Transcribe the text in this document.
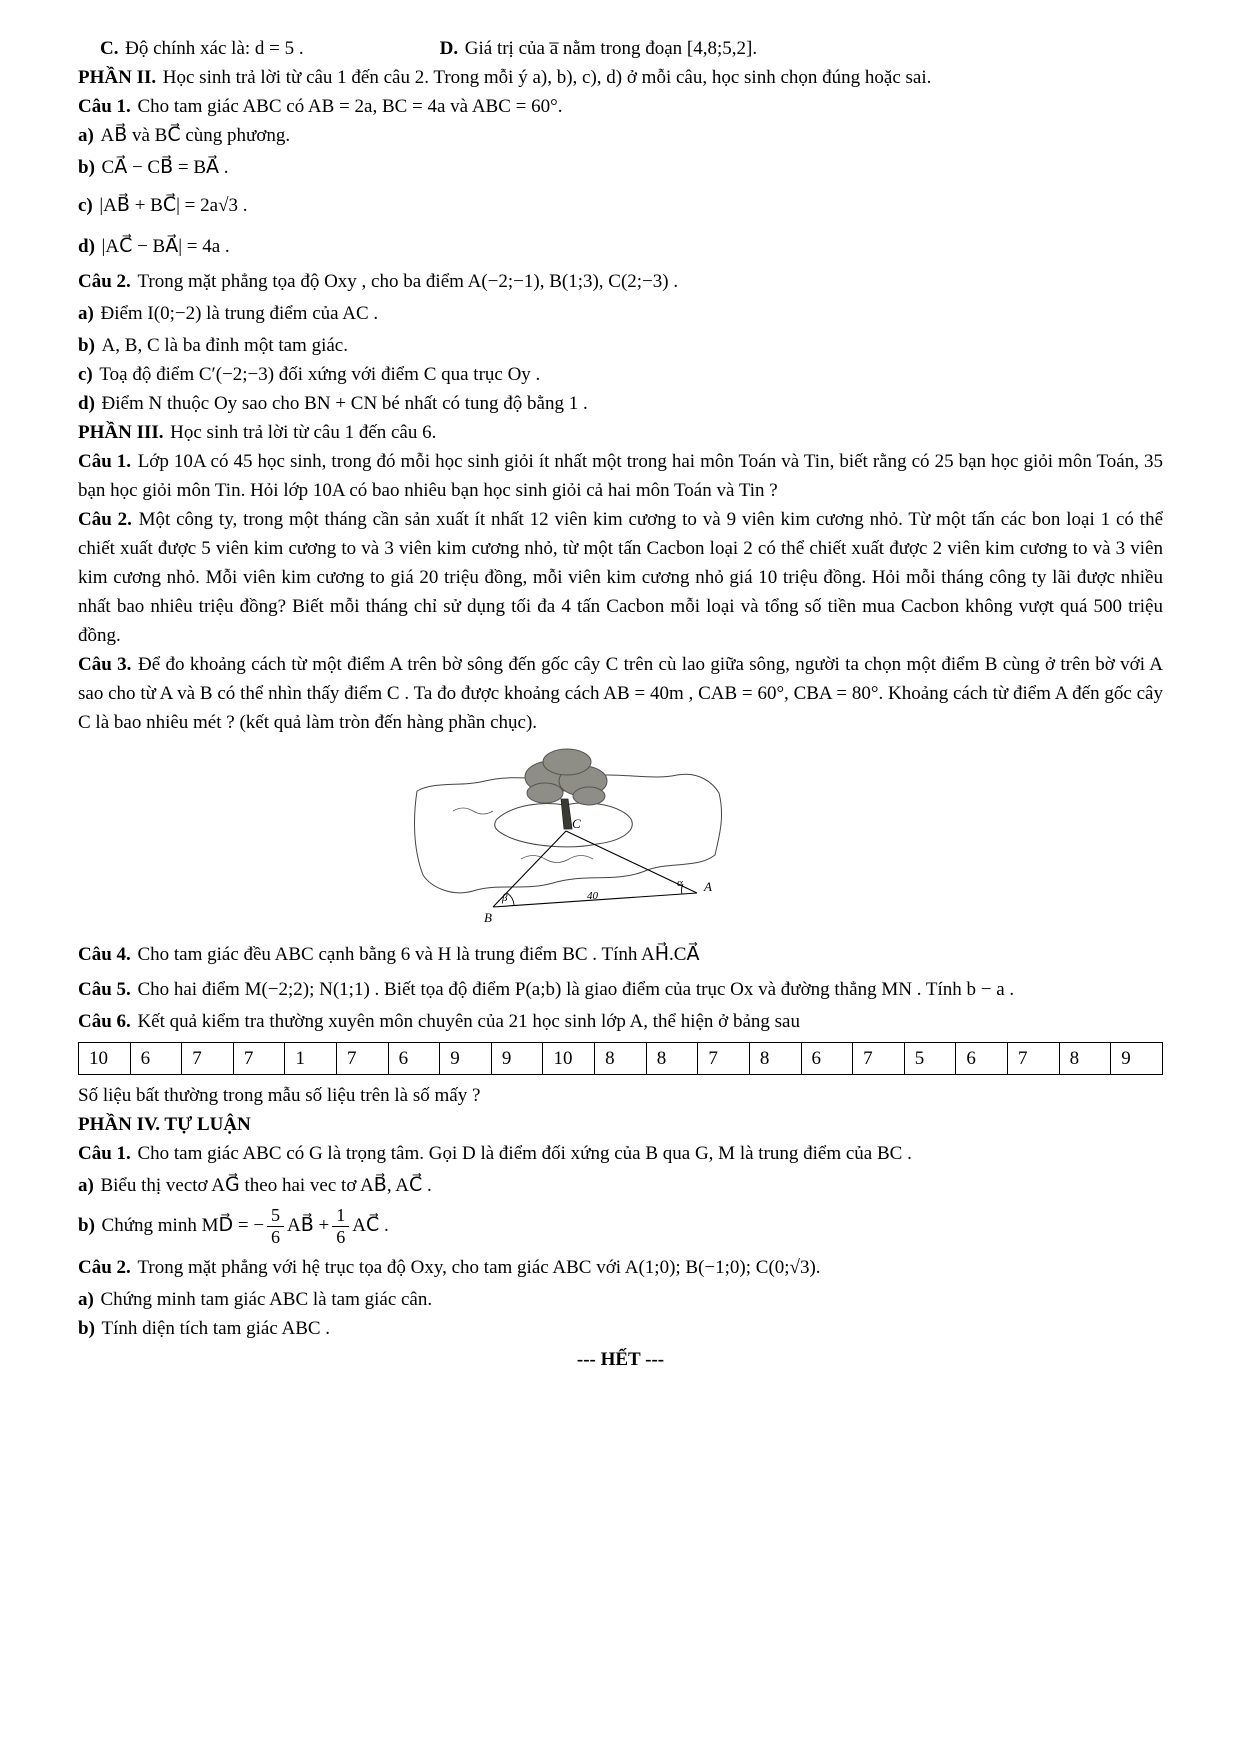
C. Độ chính xác là: d = 5 .	D. Giá trị của a̅ nằm trong đoạn [4,8;5,2].

PHẦN II. Học sinh trả lời từ câu 1 đến câu 2. Trong mỗi ý a), b), c), d) ở mỗi câu, học sinh chọn đúng hoặc sai.

Câu 1. Cho tam giác ABC có AB = 2a, BC = 4a và ABC = 60°.

a) AB⃗ và BC⃗ cùng phương.

b) CA⃗ − CB⃗ = BA⃗ .

c) |AB⃗ + BC⃗| = 2a√3 .

d) |AC⃗ − BA⃗| = 4a .

Câu 2. Trong mặt phẳng tọa độ Oxy , cho ba điểm A(−2;−1), B(1;3), C(2;−3) .

a) Điểm I(0;−2) là trung điểm của AC .

b) A, B, C là ba đỉnh một tam giác.

c) Toạ độ điểm C′(−2;−3) đối xứng với điểm C qua trục Oy .

d) Điểm N thuộc Oy sao cho BN + CN bé nhất có tung độ bằng 1 .

PHẦN III. Học sinh trả lời từ câu 1 đến câu 6.

Câu 1. Lớp 10A có 45 học sinh, trong đó mỗi học sinh giỏi ít nhất một trong hai môn Toán và Tin, biết rằng có 25 bạn học giỏi môn Toán, 35 bạn học giỏi môn Tin. Hỏi lớp 10A có bao nhiêu bạn học sinh giỏi cả hai môn Toán và Tin ?

Câu 2. Một công ty, trong một tháng cần sản xuất ít nhất 12 viên kim cương to và 9 viên kim cương nhỏ. Từ một tấn các bon loại 1 có thể chiết xuất được 5 viên kim cương to và 3 viên kim cương nhỏ, từ một tấn Cacbon loại 2 có thể chiết xuất được 2 viên kim cương to và 3 viên kim cương nhỏ. Mỗi viên kim cương to giá 20 triệu đồng, mỗi viên kim cương nhỏ giá 10 triệu đồng. Hỏi mỗi tháng công ty lãi được nhiều nhất bao nhiêu triệu đồng? Biết mỗi tháng chỉ sử dụng tối đa 4 tấn Cacbon mỗi loại và tổng số tiền mua Cacbon không vượt quá 500 triệu đồng.

Câu 3. Để đo khoảng cách từ một điểm A trên bờ sông đến gốc cây C trên cù lao giữa sông, người ta chọn một điểm B cùng ở trên bờ với A sao cho từ A và B có thể nhìn thấy điểm C . Ta đo được khoảng cách AB = 40m , CAB = 60°, CBA = 80°. Khoảng cách từ điểm A đến gốc cây C là bao nhiêu mét ? (kết quả làm tròn đến hàng phần chục).

C
B
A
40
β
α

Câu 4. Cho tam giác đều ABC cạnh bằng 6 và H là trung điểm BC . Tính AH⃗.CA⃗

Câu 5. Cho hai điểm M(−2;2); N(1;1) . Biết tọa độ điểm P(a;b) là giao điểm của trục Ox và đường thẳng MN . Tính b − a .

Câu 6. Kết quả kiểm tra thường xuyên môn chuyên của 21 học sinh lớp A, thể hiện ở bảng sau

10	6	7	7	1	7	6	9	9	10	8	8	7	8	6	7	5	6	7	8	9

Số liệu bất thường trong mẫu số liệu trên là số mấy ?

PHẦN IV. TỰ LUẬN

Câu 1. Cho tam giác ABC có G là trọng tâm. Gọi D là điểm đối xứng của B qua G, M là trung điểm của BC .

a) Biểu thị vectơ AG⃗ theo hai vec tơ AB⃗, AC⃗ .

b) Chứng minh MD⃗ = − $\frac{5}{6}$ AB⃗ + $\frac{1}{6}$ AC⃗ .

Câu 2. Trong mặt phẳng với hệ trục tọa độ Oxy, cho tam giác ABC với A(1;0); B(−1;0); C(0;√3).

a) Chứng minh tam giác ABC là tam giác cân.

b) Tính diện tích tam giác ABC .

--- HẾT ---
